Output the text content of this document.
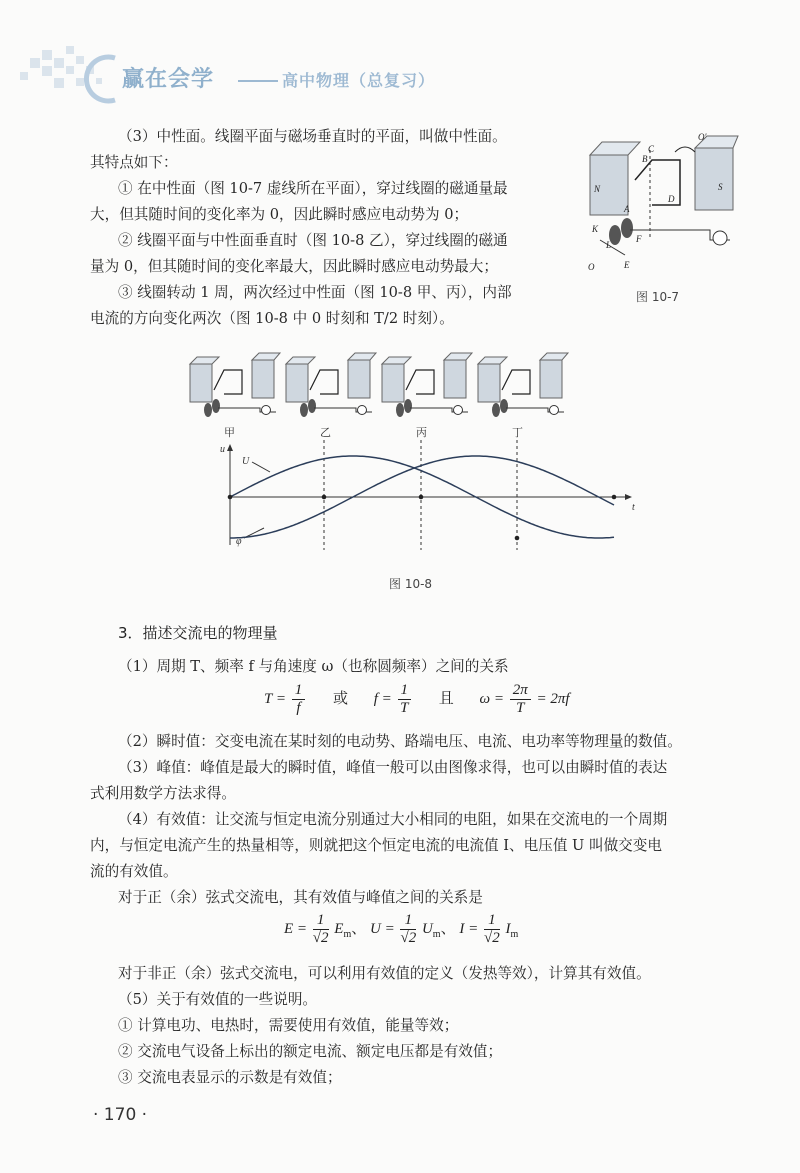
赢在会学	高中物理（总复习）
（3）中性面。线圈平面与磁场垂直时的平面，叫做中性面。
其特点如下：
① 在中性面（图 10-7 虚线所在平面），穿过线圈的磁通量最
大，但其随时间的变化率为 0，因此瞬时感应电动势为 0；
② 线圈平面与中性面垂直时（图 10-8 乙），穿过线圈的磁通
量为 0，但其随时间的变化率最大，因此瞬时感应电动势最大；
③ 线圈转动 1 周，两次经过中性面（图 10-8 甲、丙），内部
电流的方向变化两次（图 10-8 中 0 时刻和 T/2 时刻）。
O′
B
C
N	S
A
D
K
F
L
O	E
图 10-7
甲	乙	丙	丁
u
t
U
φ
图 10-8
3．描述交流电的物理量
（1）周期 T、频率 f 与角速度 ω（也称圆频率）之间的关系
$T = \frac{1}{f}$ 或 $f = \frac{1}{T}$ 且 $\omega = \frac{2\pi}{T} = 2\pi f$
（2）瞬时值：交变电流在某时刻的电动势、路端电压、电流、电功率等物理量的数值。
（3）峰值：峰值是最大的瞬时值，峰值一般可以由图像求得，也可以由瞬时值的表达
式利用数学方法求得。
（4）有效值：让交流与恒定电流分别通过大小相同的电阻，如果在交流电的一个周期
内，与恒定电流产生的热量相等，则就把这个恒定电流的电流值 I、电压值 U 叫做交变电
流的有效值。
对于正（余）弦式交流电，其有效值与峰值之间的关系是
$E = \frac{1}{√2} E_m$、 $U = \frac{1}{√2} U_m$、 $I = \frac{1}{√2} I_m$
对于非正（余）弦式交流电，可以利用有效值的定义（发热等效），计算其有效值。
（5）关于有效值的一些说明。
① 计算电功、电热时，需要使用有效值，能量等效；
② 交流电气设备上标出的额定电流、额定电压都是有效值；
③ 交流电表显示的示数是有效值；
· 170 ·
